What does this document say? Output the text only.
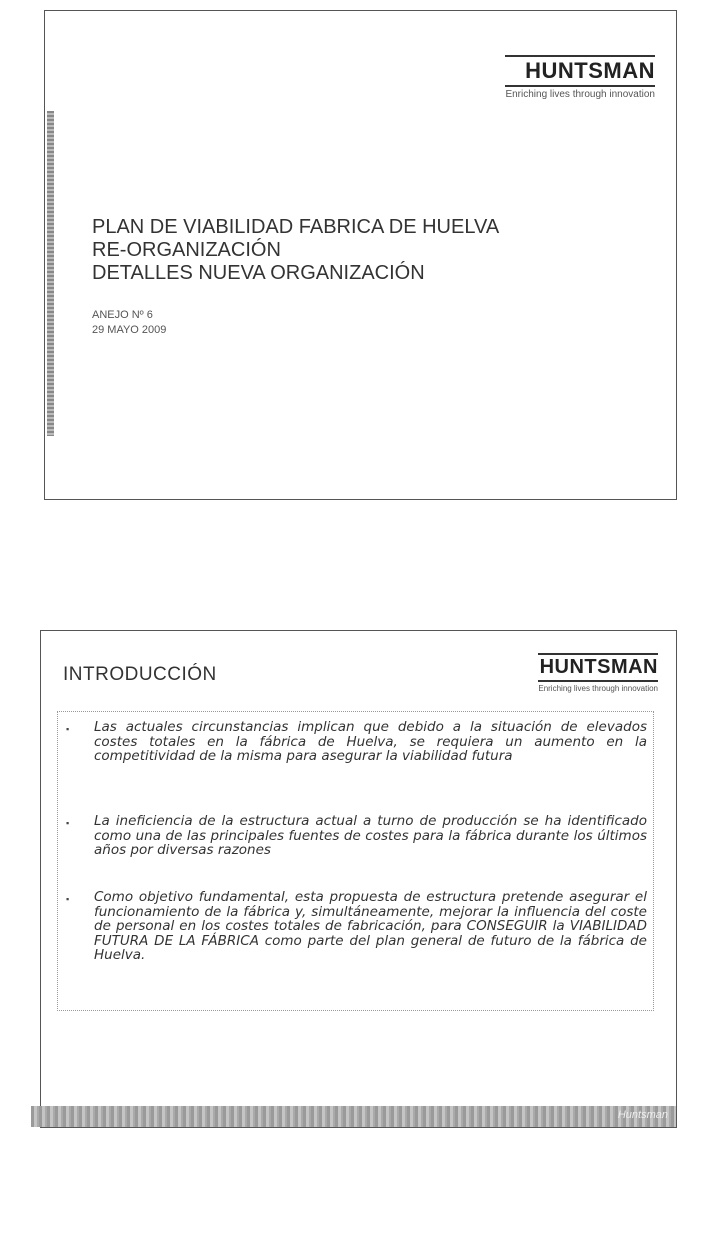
HUNTSMAN
Enriching lives through innovation
PLAN DE VIABILIDAD FABRICA DE HUELVA
RE-ORGANIZACIÓN
DETALLES NUEVA ORGANIZACIÓN
ANEJO Nº 6
29 MAYO 2009
INTRODUCCIÓN	HUNTSMAN
Enriching lives through innovation
▪ Las actuales circunstancias implican que debido a la situación de elevados costes totales en la fábrica de Huelva, se requiera un aumento en la competitividad de la misma para asegurar la viabilidad futura
▪ La ineficiencia de la estructura actual a turno de producción se ha identificado como una de las principales fuentes de costes para la fábrica durante los últimos años por diversas razones
▪ Como objetivo fundamental, esta propuesta de estructura pretende asegurar el funcionamiento de la fábrica y, simultáneamente, mejorar la influencia del coste de personal en los costes totales de fabricación, para CONSEGUIR la VIABILIDAD FUTURA DE LA FÁBRICA como parte del plan general de futuro de la fábrica de Huelva.
Huntsman
